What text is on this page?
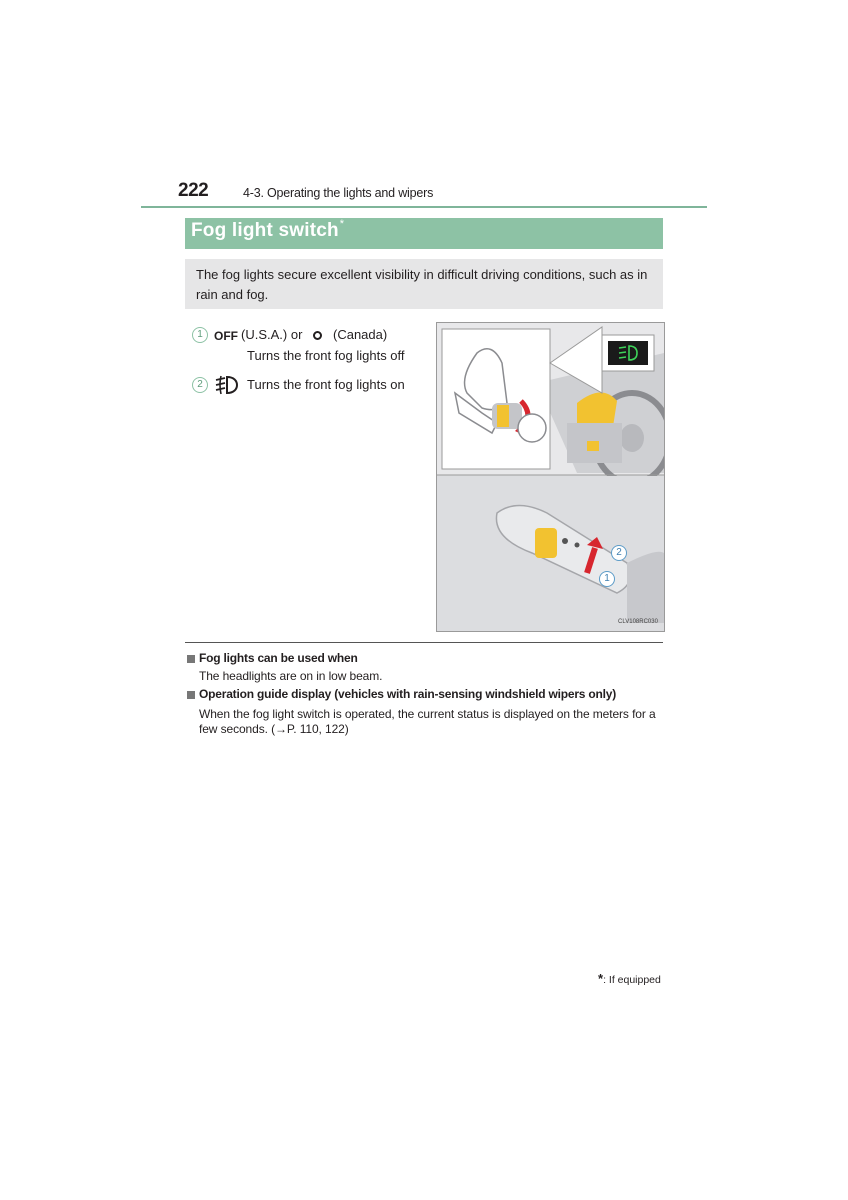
222	4-3. Operating the lights and wipers
Fog light switch*
The fog lights secure excellent visibility in difficult driving conditions, such as in rain and fog.
1 OFF (U.S.A.) or (Canada)
Turns the front fog lights off
2	Turns the front fog lights on
2
1
CLV108RC030
Fog lights can be used when
The headlights are on in low beam.
Operation guide display (vehicles with rain-sensing windshield wipers only)
When the fog light switch is operated, the current status is displayed on the meters for a few seconds. (→P. 110, 122)
*: If equipped
